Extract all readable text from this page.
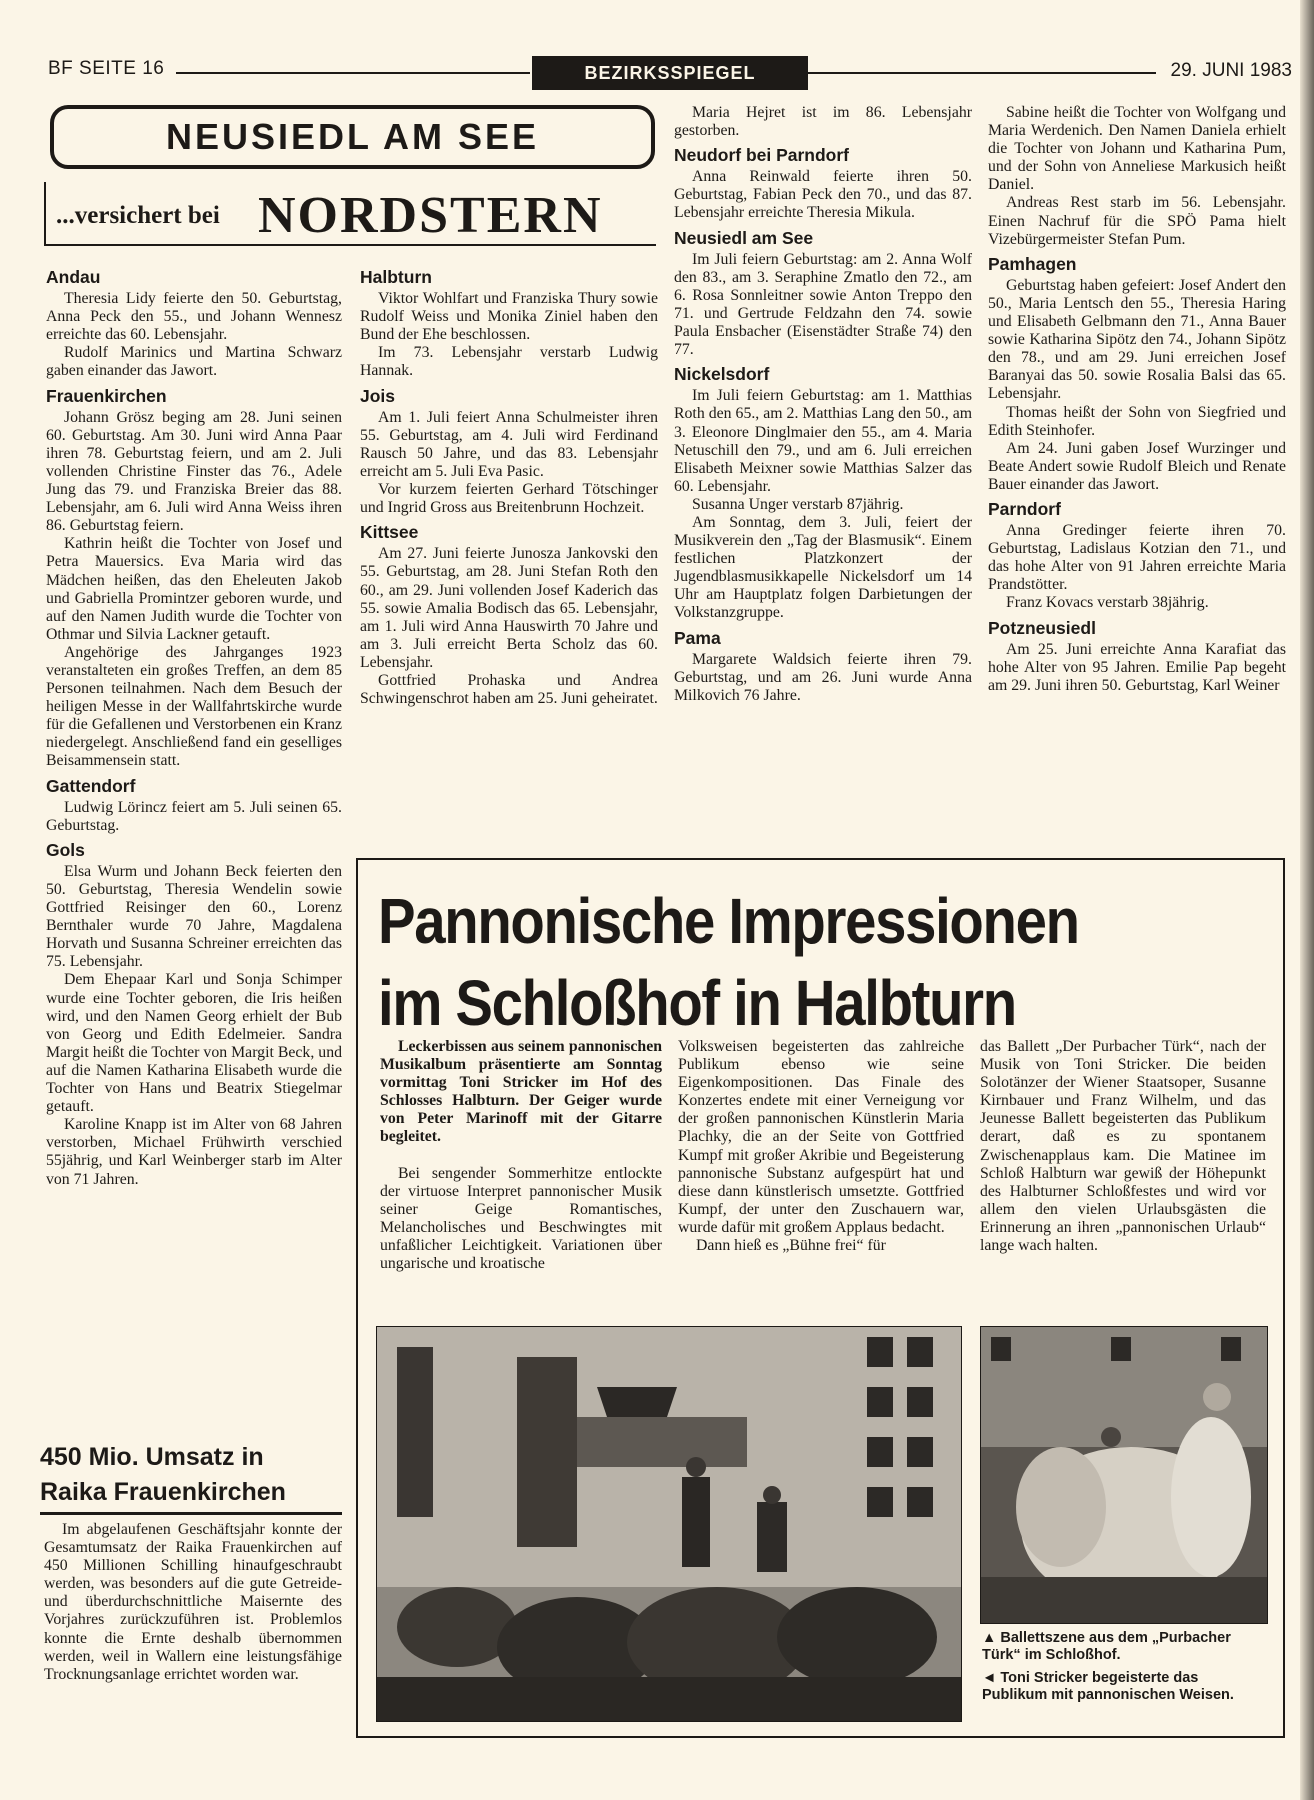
BF SEITE 16	BEZIRKSSPIEGEL	29. JUNI 1983
NEUSIEDL AM SEE
...versichert bei NORDSTERN
Andau

Theresia Lidy feierte den 50. Geburtstag, Anna Peck den 55., und Johann Wennesz erreichte das 60. Lebensjahr.

Rudolf Marinics und Martina Schwarz gaben einander das Jawort.

Frauenkirchen

Johann Grösz beging am 28. Juni seinen 60. Geburtstag. Am 30. Juni wird Anna Paar ihren 78. Geburtstag feiern, und am 2. Juli vollenden Christine Finster das 76., Adele Jung das 79. und Franziska Breier das 88. Lebensjahr, am 6. Juli wird Anna Weiss ihren 86. Geburtstag feiern.

Kathrin heißt die Tochter von Josef und Petra Mauersics. Eva Maria wird das Mädchen heißen, das den Eheleuten Jakob und Gabriella Promintzer geboren wurde, und auf den Namen Judith wurde die Tochter von Othmar und Silvia Lackner getauft.

Angehörige des Jahrganges 1923 veranstalteten ein großes Treffen, an dem 85 Personen teilnahmen. Nach dem Besuch der heiligen Messe in der Wallfahrtskirche wurde für die Gefallenen und Verstorbenen ein Kranz niedergelegt. Anschließend fand ein geselliges Beisammensein statt.

Gattendorf

Ludwig Lörincz feiert am 5. Juli seinen 65. Geburtstag.

Gols

Elsa Wurm und Johann Beck feierten den 50. Geburtstag, Theresia Wendelin sowie Gottfried Reisinger den 60., Lorenz Bernthaler wurde 70 Jahre, Magdalena Horvath und Susanna Schreiner erreichten das 75. Lebensjahr.

Dem Ehepaar Karl und Sonja Schimper wurde eine Tochter geboren, die Iris heißen wird, und den Namen Georg erhielt der Bub von Georg und Edith Edelmeier. Sandra Margit heißt die Tochter von Margit Beck, und auf die Namen Katharina Elisabeth wurde die Tochter von Hans und Beatrix Stiegelmar getauft.

Karoline Knapp ist im Alter von 68 Jahren verstorben, Michael Frühwirth verschied 55jährig, und Karl Weinberger starb im Alter von 71 Jahren.

450 Mio. Umsatz in
Raika Frauenkirchen

Im abgelaufenen Geschäftsjahr konnte der Gesamtumsatz der Raika Frauenkirchen auf 450 Millionen Schilling hinaufgeschraubt werden, was besonders auf die gute Getreide- und überdurchschnittliche Maisernte des Vorjahres zurückzuführen ist. Problemlos konnte die Ernte deshalb übernommen werden, weil in Wallern eine leistungsfähige Trocknungsanlage errichtet worden war.

Halbturn

Viktor Wohlfart und Franziska Thury sowie Rudolf Weiss und Monika Ziniel haben den Bund der Ehe beschlossen.

Im 73. Lebensjahr verstarb Ludwig Hannak.

Jois

Am 1. Juli feiert Anna Schulmeister ihren 55. Geburtstag, am 4. Juli wird Ferdinand Rausch 50 Jahre, und das 83. Lebensjahr erreicht am 5. Juli Eva Pasic.

Vor kurzem feierten Gerhard Tötschinger und Ingrid Gross aus Breitenbrunn Hochzeit.

Kittsee

Am 27. Juni feierte Junosza Jankovski den 55. Geburtstag, am 28. Juni Stefan Roth den 60., am 29. Juni vollenden Josef Kaderich das 55. sowie Amalia Bodisch das 65. Lebensjahr, am 1. Juli wird Anna Hauswirth 70 Jahre und am 3. Juli erreicht Berta Scholz das 60. Lebensjahr.

Gottfried Prohaska und Andrea Schwingenschrot haben am 25. Juni geheiratet.

Maria Hejret ist im 86. Lebensjahr gestorben.

Neudorf bei Parndorf

Anna Reinwald feierte ihren 50. Geburtstag, Fabian Peck den 70., und das 87. Lebensjahr erreichte Theresia Mikula.

Neusiedl am See

Im Juli feiern Geburtstag: am 2. Anna Wolf den 83., am 3. Seraphine Zmatlo den 72., am 6. Rosa Sonnleitner sowie Anton Treppo den 71. und Gertrude Feldzahn den 74. sowie Paula Ensbacher (Eisenstädter Straße 74) den 77.

Nickelsdorf

Im Juli feiern Geburtstag: am 1. Matthias Roth den 65., am 2. Matthias Lang den 50., am 3. Eleonore Dinglmaier den 55., am 4. Maria Netuschill den 79., und am 6. Juli erreichen Elisabeth Meixner sowie Matthias Salzer das 60. Lebensjahr.

Susanna Unger verstarb 87jährig.

Am Sonntag, dem 3. Juli, feiert der Musikverein den „Tag der Blasmusik“. Einem festlichen Platzkonzert der Jugendblasmusikkapelle Nickelsdorf um 14 Uhr am Hauptplatz folgen Darbietungen der Volkstanzgruppe.

Pama

Margarete Waldsich feierte ihren 79. Geburtstag, und am 26. Juni wurde Anna Milkovich 76 Jahre.

Sabine heißt die Tochter von Wolfgang und Maria Werdenich. Den Namen Daniela erhielt die Tochter von Johann und Katharina Pum, und der Sohn von Anneliese Markusich heißt Daniel.

Andreas Rest starb im 56. Lebensjahr. Einen Nachruf für die SPÖ Pama hielt Vizebürgermeister Stefan Pum.

Pamhagen

Geburtstag haben gefeiert: Josef Andert den 50., Maria Lentsch den 55., Theresia Haring und Elisabeth Gelbmann den 71., Anna Bauer sowie Katharina Sipötz den 74., Johann Sipötz den 78., und am 29. Juni erreichen Josef Baranyai das 50. sowie Rosalia Balsi das 65. Lebensjahr.

Thomas heißt der Sohn von Siegfried und Edith Steinhofer.

Am 24. Juni gaben Josef Wurzinger und Beate Andert sowie Rudolf Bleich und Renate Bauer einander das Jawort.

Parndorf

Anna Gredinger feierte ihren 70. Geburtstag, Ladislaus Kotzian den 71., und das hohe Alter von 91 Jahren erreichte Maria Prandstötter.

Franz Kovacs verstarb 38jährig.

Potzneusiedl

Am 25. Juni erreichte Anna Karafiat das hohe Alter von 95 Jahren. Emilie Pap begeht am 29. Juni ihren 50. Geburtstag, Karl Weiner

Pannonische Impressionen
im Schloßhof in Halbturn

Leckerbissen aus seinem pannonischen Musikalbum präsentierte am Sonntag vormittag Toni Stricker im Hof des Schlosses Halbturn. Der Geiger wurde von Peter Marinoff mit der Gitarre begleitet.

Bei sengender Sommerhitze entlockte der virtuose Interpret pannonischer Musik seiner Geige Romantisches, Melancholisches und Beschwingtes mit unfaßlicher Leichtigkeit. Variationen über ungarische und kroatische

Volksweisen begeisterten das zahlreiche Publikum ebenso wie seine Eigenkompositionen. Das Finale des Konzertes endete mit einer Verneigung vor der großen pannonischen Künstlerin Maria Plachky, die an der Seite von Gottfried Kumpf mit großer Akribie und Begeisterung pannonische Substanz aufgespürt hat und diese dann künstlerisch umsetzte. Gottfried Kumpf, der unter den Zuschauern war, wurde dafür mit großem Applaus bedacht.

Dann hieß es „Bühne frei“ für

das Ballett „Der Purbacher Türk“, nach der Musik von Toni Stricker. Die beiden Solotänzer der Wiener Staatsoper, Susanne Kirnbauer und Franz Wilhelm, und das Jeunesse Ballett begeisterten das Publikum derart, daß es zu spontanem Zwischenapplaus kam. Die Matinee im Schloß Halbturn war gewiß der Höhepunkt des Halbturner Schloßfestes und wird vor allem den vielen Urlaubsgästen die Erinnerung an ihren „pannonischen Urlaub“ lange wach halten.

▲ Ballettszene aus dem „Purbacher Türk“ im Schloßhof.
◄ Toni Stricker begeisterte das Publikum mit pannonischen Weisen.
